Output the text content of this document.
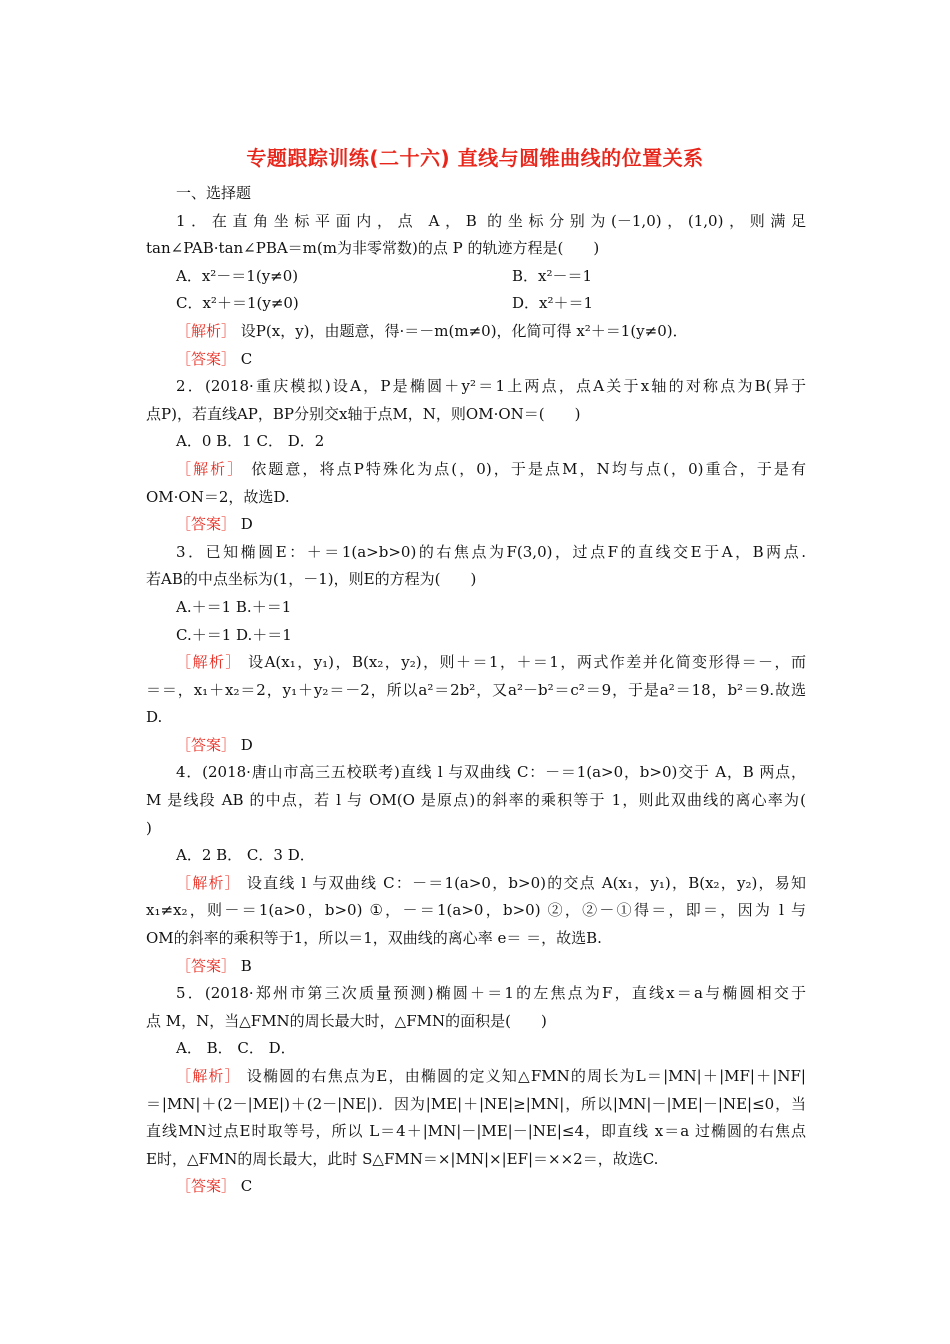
专题跟踪训练(二十六) 直线与圆锥曲线的位置关系
一、选择题
1．在直角坐标平面内，点 A，B 的坐标分别为(－1,0)，(1,0)，则满足
tan∠PAB·tan∠PBA＝m(m为非零常数)的点 P 的轨迹方程是(　　)
A．x²－＝1(y≠0)	B．x²－＝1
C．x²＋＝1(y≠0)	D．x²＋＝1
［解析］ 设P(x，y)，由题意，得·＝－m(m≠0)，化简可得 x²＋＝1(y≠0)．
［答案］ C
2．(2018·重庆模拟)设A，P是椭圆＋y²＝1上两点，点A关于x轴的对称点为B(异于
点P)，若直线AP，BP分别交x轴于点M，N，则OM·ON＝(　　)
A．0 B．1 C． D．2
［解析］ 依题意，将点P特殊化为点(，0)，于是点M，N均与点(，0)重合，于是有
OM·ON＝2，故选D.
［答案］ D
3．已知椭圆E：＋＝1(a>b>0)的右焦点为F(3,0)，过点F的直线交E于A，B两点.
若AB的中点坐标为(1，－1)，则E的方程为(　　)
A.＋＝1 B.＋＝1
C.＋＝1 D.＋＝1
［解析］ 设A(x₁，y₁)，B(x₂，y₂)，则＋＝1，＋＝1，两式作差并化简变形得＝－，而
＝＝，x₁＋x₂＝2，y₁＋y₂＝－2，所以a²＝2b²，又a²－b²＝c²＝9，于是a²＝18，b²＝9.故选
D.
［答案］ D
4．(2018·唐山市高三五校联考)直线 l 与双曲线 C：－＝1(a>0，b>0)交于 A，B 两点，
M 是线段 AB 的中点，若 l 与 OM(O 是原点)的斜率的乘积等于 1，则此双曲线的离心率为(
)
A．2 B． C．3 D．
［解析］ 设直线 l 与双曲线 C：－＝1(a>0，b>0)的交点 A(x₁，y₁)，B(x₂，y₂)，易知
x₁≠x₂，则－＝1(a>0，b>0) ①，－＝1(a>0，b>0) ②，②－①得＝，即＝，因为 l 与
OM的斜率的乘积等于1，所以＝1，双曲线的离心率 e＝ ＝，故选B.
［答案］ B
5．(2018·郑州市第三次质量预测)椭圆＋＝1的左焦点为F，直线x＝a与椭圆相交于
点 M，N，当△FMN的周长最大时，△FMN的面积是(　　)
A． B． C． D．
［解析］ 设椭圆的右焦点为E，由椭圆的定义知△FMN的周长为L＝|MN|＋|MF|＋|NF|
＝|MN|＋(2－|ME|)＋(2－|NE|)．因为|ME|＋|NE|≥|MN|，所以|MN|－|ME|－|NE|≤0，当
直线MN过点E时取等号，所以 L＝4＋|MN|－|ME|－|NE|≤4，即直线 x＝a 过椭圆的右焦点
E时，△FMN的周长最大，此时 S△FMN＝×|MN|×|EF|＝××2＝，故选C.
［答案］ C
